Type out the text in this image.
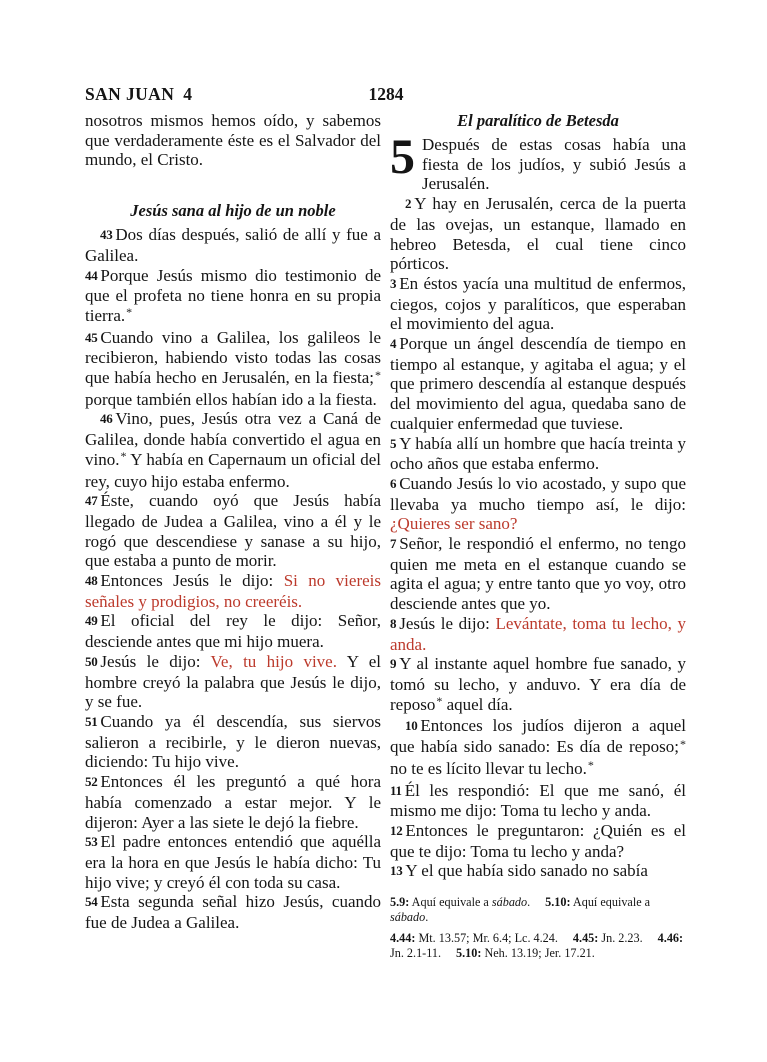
SAN JUAN 4	1284

nosotros mismos hemos oído, y sabemos que verdaderamente éste es el Salvador del mundo, el Cristo.

Jesús sana al hijo de un noble

43 Dos días después, salió de allí y fue a Galilea.

44 Porque Jesús mismo dio testimonio de que el profeta no tiene honra en su propia tierra.*

45 Cuando vino a Galilea, los galileos le recibieron, habiendo visto todas las cosas que había hecho en Jerusalén, en la fiesta;* porque también ellos habían ido a la fiesta.

46 Vino, pues, Jesús otra vez a Caná de Galilea, donde había convertido el agua en vino.* Y había en Capernaum un oficial del rey, cuyo hijo estaba enfermo.

47 Éste, cuando oyó que Jesús había llegado de Judea a Galilea, vino a él y le rogó que descendiese y sanase a su hijo, que estaba a punto de morir.

48 Entonces Jesús le dijo: Si no viereis señales y prodigios, no creeréis.

49 El oficial del rey le dijo: Señor, desciende antes que mi hijo muera.

50 Jesús le dijo: Ve, tu hijo vive. Y el hombre creyó la palabra que Jesús le dijo, y se fue.

51 Cuando ya él descendía, sus siervos salieron a recibirle, y le dieron nuevas, diciendo: Tu hijo vive.

52 Entonces él les preguntó a qué hora había comenzado a estar mejor. Y le dijeron: Ayer a las siete le dejó la fiebre.

53 El padre entonces entendió que aquélla era la hora en que Jesús le había dicho: Tu hijo vive; y creyó él con toda su casa.

54 Esta segunda señal hizo Jesús, cuando fue de Judea a Galilea.

El paralítico de Betesda

5 Después de estas cosas había una fiesta de los judíos, y subió Jesús a Jerusalén.

2 Y hay en Jerusalén, cerca de la puerta de las ovejas, un estanque, llamado en hebreo Betesda, el cual tiene cinco pórticos.

3 En éstos yacía una multitud de enfermos, ciegos, cojos y paralíticos, que esperaban el movimiento del agua.

4 Porque un ángel descendía de tiempo en tiempo al estanque, y agitaba el agua; y el que primero descendía al estanque después del movimiento del agua, quedaba sano de cualquier enfermedad que tuviese.

5 Y había allí un hombre que hacía treinta y ocho años que estaba enfermo.

6 Cuando Jesús lo vio acostado, y supo que llevaba ya mucho tiempo así, le dijo: ¿Quieres ser sano?

7 Señor, le respondió el enfermo, no tengo quien me meta en el estanque cuando se agita el agua; y entre tanto que yo voy, otro desciende antes que yo.

8 Jesús le dijo: Levántate, toma tu lecho, y anda.

9 Y al instante aquel hombre fue sanado, y tomó su lecho, y anduvo. Y era día de reposo* aquel día.

10 Entonces los judíos dijeron a aquel que había sido sanado: Es día de reposo;* no te es lícito llevar tu lecho.*

11 Él les respondió: El que me sanó, él mismo me dijo: Toma tu lecho y anda.

12 Entonces le preguntaron: ¿Quién es el que te dijo: Toma tu lecho y anda?

13 Y el que había sido sanado no sabía

5.9: Aquí equivale a sábado. 5.10: Aquí equivale a sábado.

4.44: Mt. 13.57; Mr. 6.4; Lc. 4.24. 4.45: Jn. 2.23. 4.46: Jn. 2.1-11. 5.10: Neh. 13.19; Jer. 17.21.
